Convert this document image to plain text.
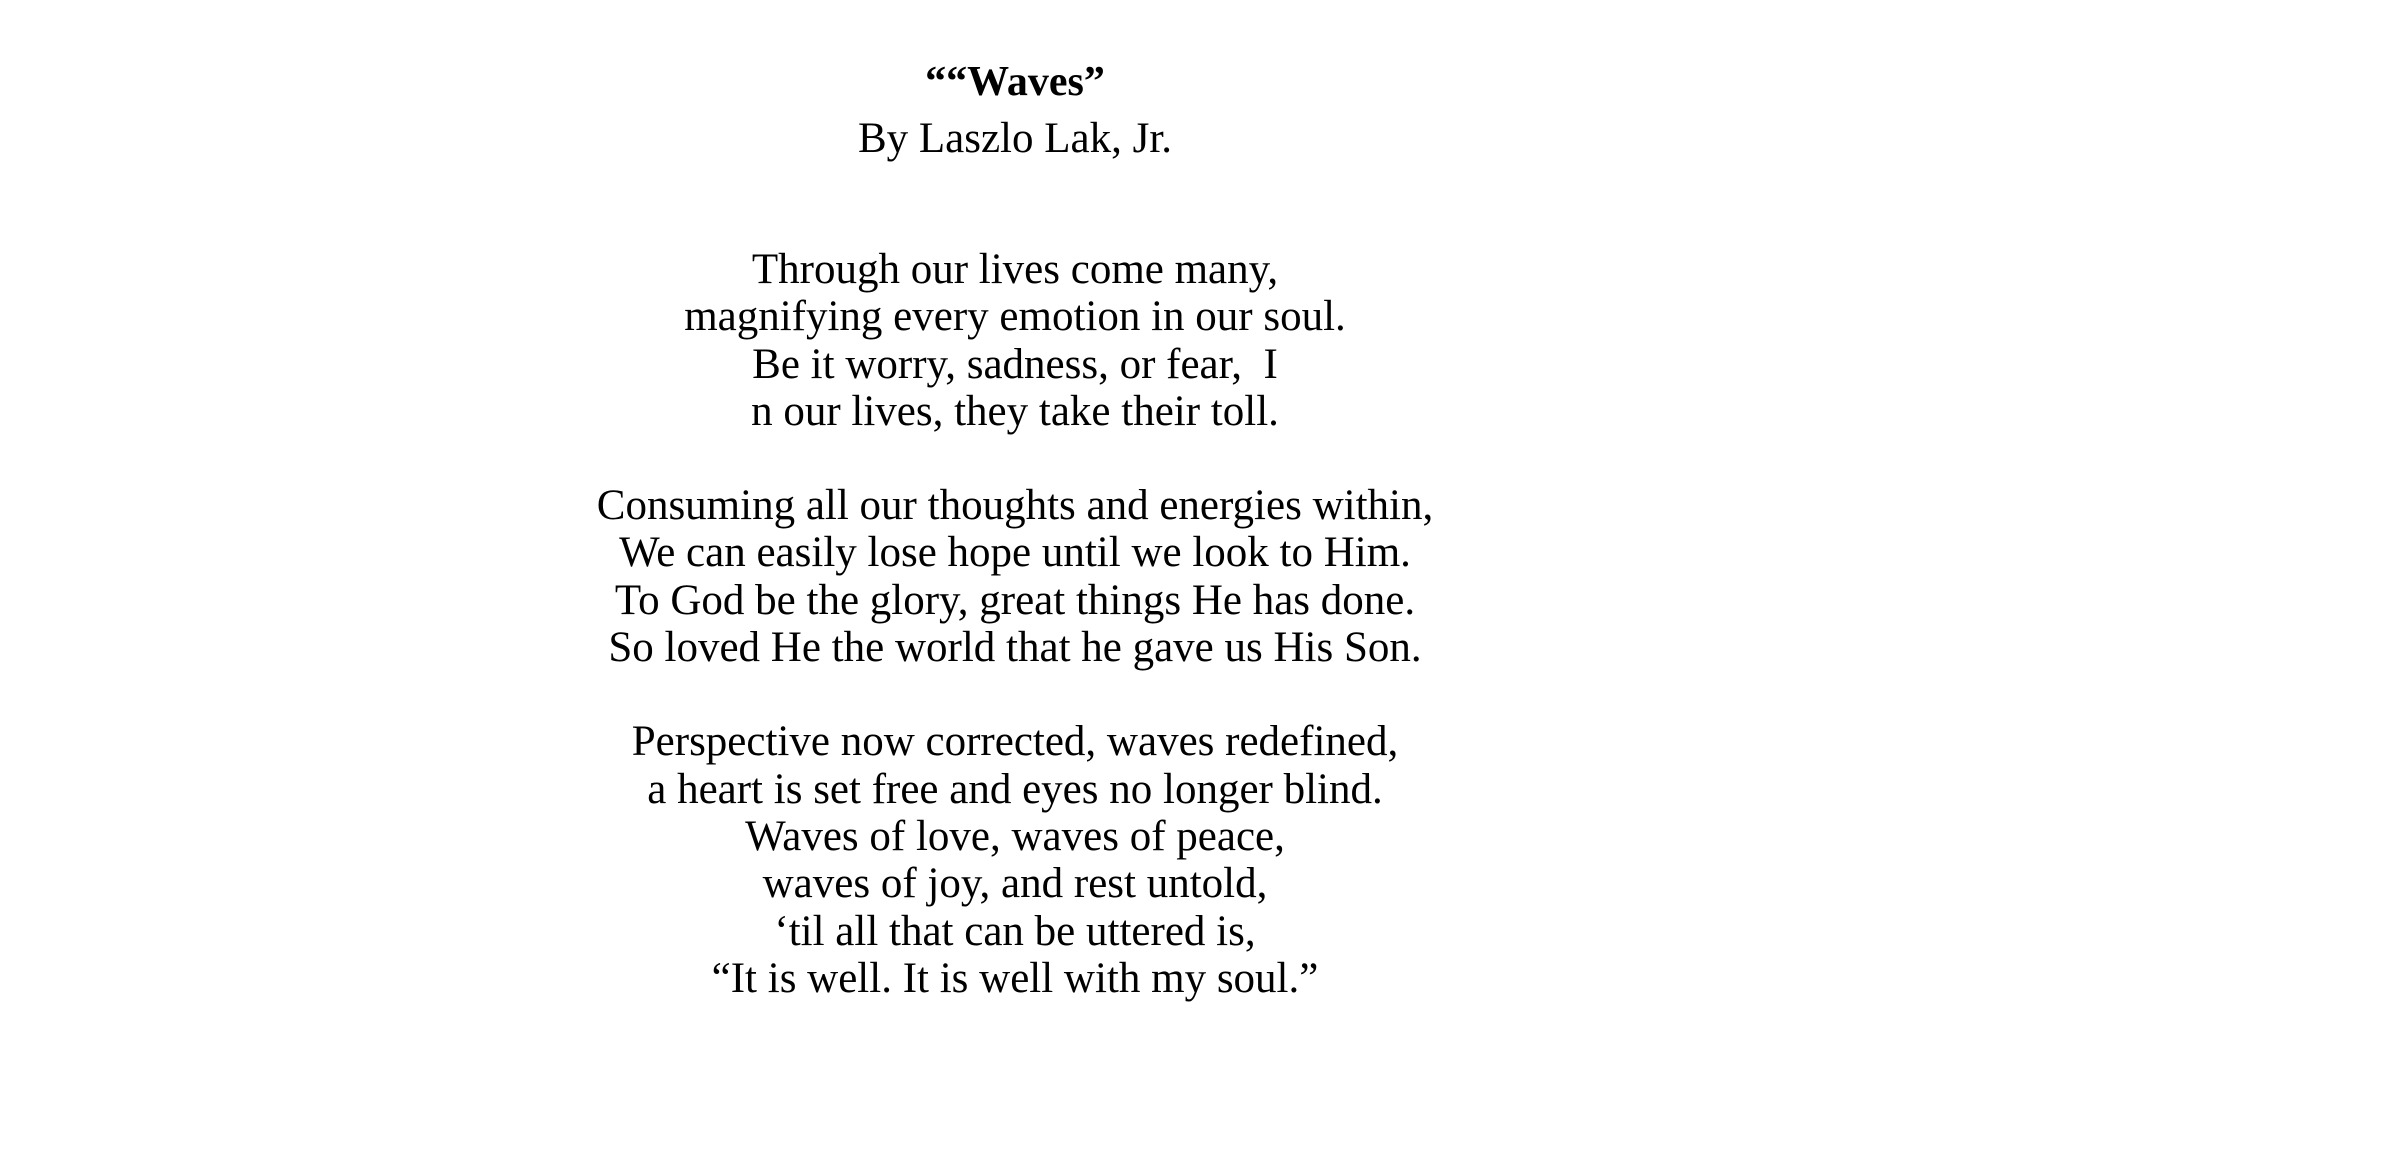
““Waves”

By Laszlo Lak, Jr.

Through our lives come many,
magnifying every emotion in our soul.
Be it worry, sadness, or fear,  I
n our lives, they take their toll.

Consuming all our thoughts and energies within,
We can easily lose hope until we look to Him.
To God be the glory, great things He has done.
So loved He the world that he gave us His Son.

Perspective now corrected, waves redefined,
a heart is set free and eyes no longer blind.
Waves of love, waves of peace,
waves of joy, and rest untold,
‘til all that can be uttered is,
“It is well. It is well with my soul.”
